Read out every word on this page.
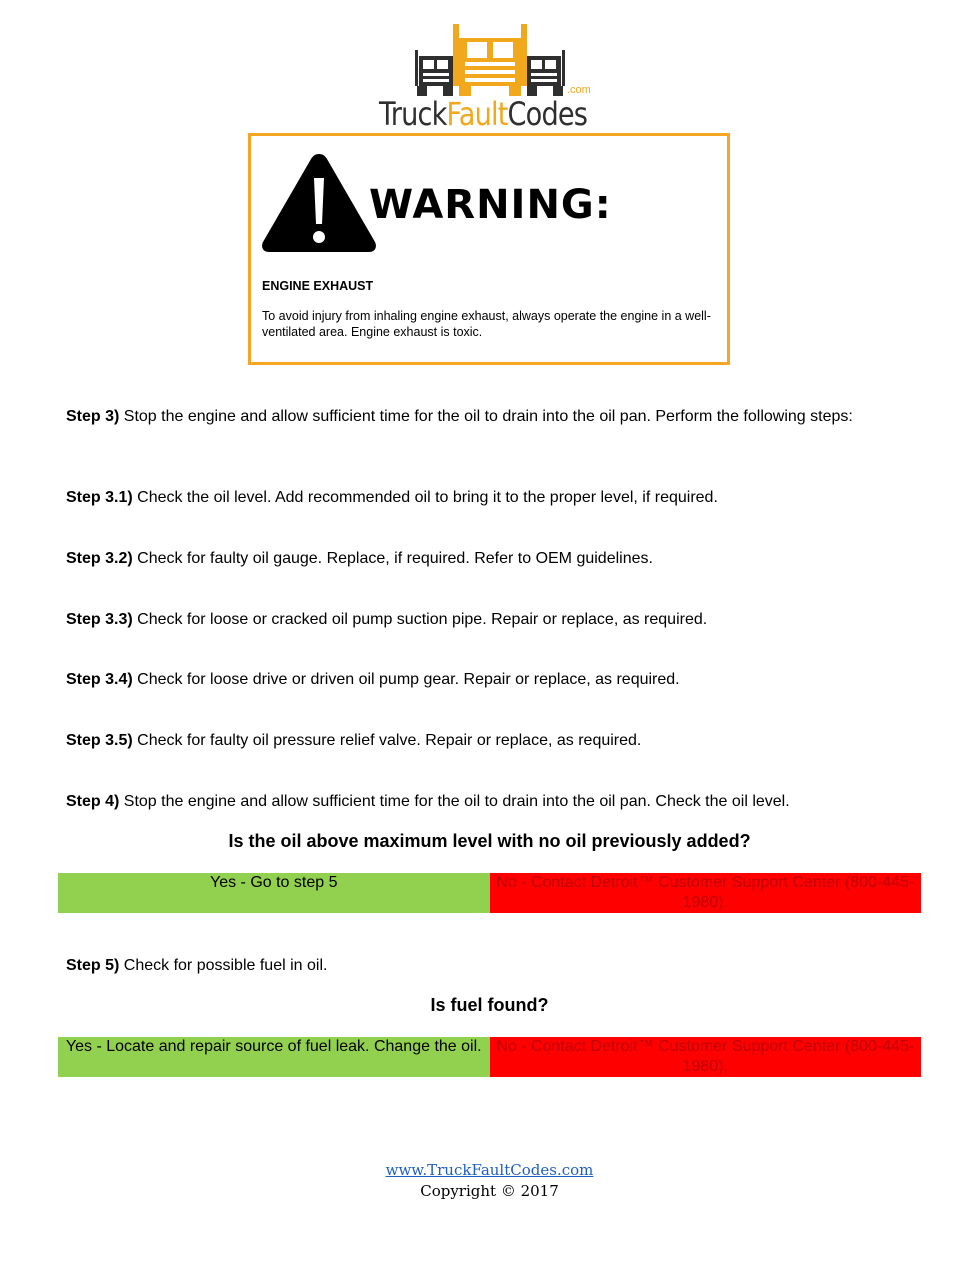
.com
TruckFaultCodes
WARNING:
ENGINE EXHAUST
To avoid injury from inhaling engine exhaust, always operate the engine in a well-ventilated area. Engine exhaust is toxic.
Step 3) Stop the engine and allow sufficient time for the oil to drain into the oil pan. Perform the following steps:
Step 3.1) Check the oil level. Add recommended oil to bring it to the proper level, if required.
Step 3.2) Check for faulty oil gauge. Replace, if required. Refer to OEM guidelines.
Step 3.3) Check for loose or cracked oil pump suction pipe. Repair or replace, as required.
Step 3.4) Check for loose drive or driven oil pump gear. Repair or replace, as required.
Step 3.5) Check for faulty oil pressure relief valve. Repair or replace, as required.
Step 4) Stop the engine and allow sufficient time for the oil to drain into the oil pan. Check the oil level.
Is the oil above maximum level with no oil previously added?
Yes - Go to step 5	No - Contact Detroit™ Customer Support Center (800-445-1980).
Step 5) Check for possible fuel in oil.
Is fuel found?
Yes - Locate and repair source of fuel leak. Change the oil. No - Contact Detroit™ Customer Support Center (800-445-1980).
www.TruckFaultCodes.com
Copyright © 2017
